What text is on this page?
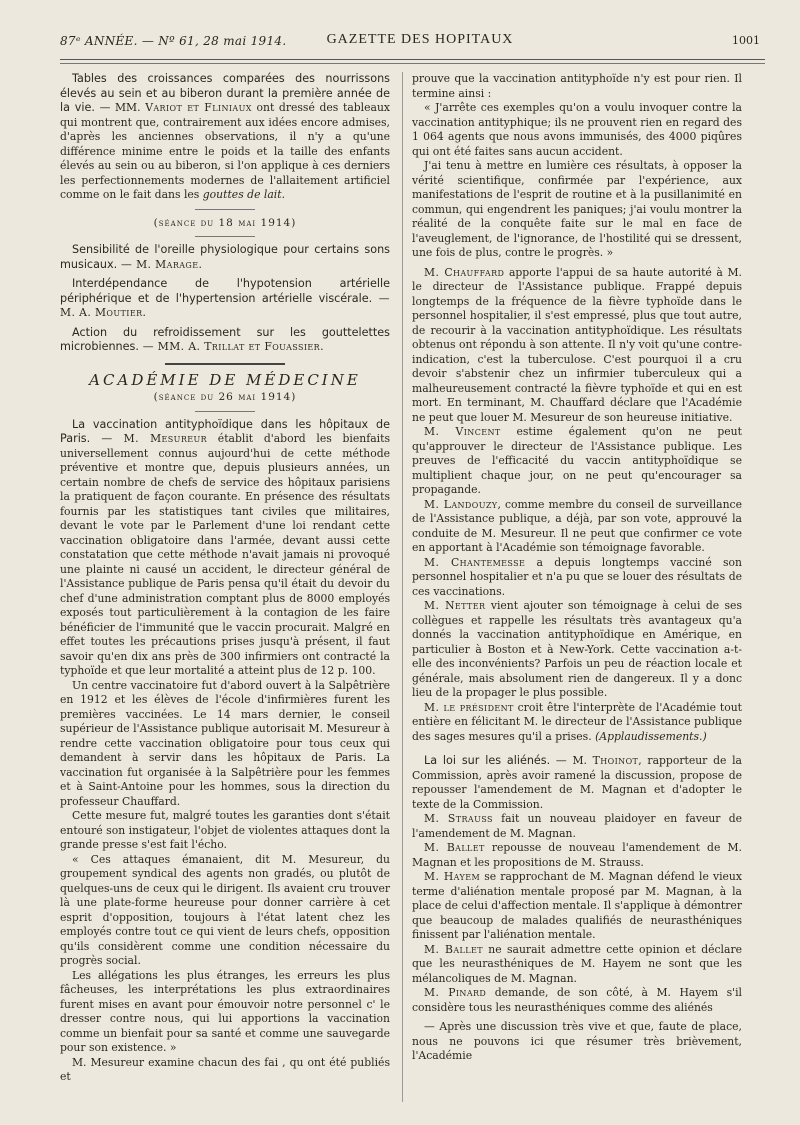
87ᵉ ANNÉE. — Nº 61, 28 mai 1914.	GAZETTE DES HOPITAUX	1001

Tables des croissances comparées des nourrissons élevés au sein et au biberon durant la première année de la vie. — MM. Variot et Fliniaux ont dressé des tableaux qui montrent que, contrairement aux idées encore admises, d'après les anciennes observations, il n'y a qu'une différence minime entre le poids et la taille des enfants élevés au sein ou au biberon, si l'on applique à ces derniers les perfectionnements modernes de l'allaitement artificiel comme on le fait dans les gouttes de lait.

(séance du 18 mai 1914)

Sensibilité de l'oreille physiologique pour certains sons musicaux. — M. Marage.

Interdépendance de l'hypotension artérielle périphérique et de l'hypertension artérielle viscérale. — M. A. Moutier.

Action du refroidissement sur les gouttelettes microbiennes. — MM. A. Trillat et Fouassier.

ACADÉMIE DE MÉDECINE

(séance du 26 mai 1914)

La vaccination antityphoïdique dans les hôpitaux de Paris. — M. Mesureur établit d'abord les bienfaits universellement connus aujourd'hui de cette méthode préventive et montre que, depuis plusieurs années, un certain nombre de chefs de service des hôpitaux parisiens la pratiquent de façon courante. En présence des résultats fournis par les statistiques tant civiles que militaires, devant le vote par le Parlement d'une loi rendant cette vaccination obligatoire dans l'armée, devant aussi cette constatation que cette méthode n'avait jamais ni provoqué une plainte ni causé un accident, le directeur général de l'Assistance publique de Paris pensa qu'il était du devoir du chef d'une administration comptant plus de 8000 employés exposés tout particulièrement à la contagion de les faire bénéficier de l'immunité que le vaccin procurait. Malgré en effet toutes les précautions prises jusqu'à présent, il faut savoir qu'en dix ans près de 300 infirmiers ont contracté la typhoïde et que leur mortalité a atteint plus de 12 p. 100.

Un centre vaccinatoire fut d'abord ouvert à la Salpêtrière en 1912 et les élèves de l'école d'infirmières furent les premières vaccinées. Le 14 mars dernier, le conseil supérieur de l'Assistance publique autorisait M. Mesureur à rendre cette vaccination obligatoire pour tous ceux qui demandent à servir dans les hôpitaux de Paris. La vaccination fut organisée à la Salpêtrière pour les femmes et à Saint-Antoine pour les hommes, sous la direction du professeur Chauffard.

Cette mesure fut, malgré toutes les garanties dont s'était entouré son instigateur, l'objet de violentes attaques dont la grande presse s'est fait l'écho.

« Ces attaques émanaient, dit M. Mesureur, du groupement syndical des agents non gradés, ou plutôt de quelques-uns de ceux qui le dirigent. Ils avaient cru trouver là une plate-forme heureuse pour donner carrière à cet esprit d'opposition, toujours à l'état latent chez les employés contre tout ce qui vient de leurs chefs, opposition qu'ils considèrent comme une condition nécessaire du progrès social.

Les allégations les plus étranges, les erreurs les plus fâcheuses, les interprétations les plus extraordinaires furent mises en avant pour émouvoir notre personnel c' le dresser contre nous, qui lui apportions la vaccination comme un bienfait pour sa santé et comme une sauvegarde pour son existence. »

M. Mesureur examine chacun des fai , qu ont été publiés et

prouve que la vaccination antityphoïde n'y est pour rien. Il termine ainsi :

« J'arrête ces exemples qu'on a voulu invoquer contre la vaccination antityphique; ils ne prouvent rien en regard des 1 064 agents que nous avons immunisés, des 4000 piqûres qui ont été faites sans aucun accident.

J'ai tenu à mettre en lumière ces résultats, à opposer la vérité scientifique, confirmée par l'expérience, aux manifestations de l'esprit de routine et à la pusillanimité en commun, qui engendrent les paniques; j'ai voulu montrer la réalité de la conquête faite sur le mal en face de l'aveuglement, de l'ignorance, de l'hostilité qui se dressent, une fois de plus, contre le progrès. »

M. Chauffard apporte l'appui de sa haute autorité à M. le directeur de l'Assistance publique. Frappé depuis longtemps de la fréquence de la fièvre typhoïde dans le personnel hospitalier, il s'est empressé, plus que tout autre, de recourir à la vaccination antityphoïdique. Les résultats obtenus ont répondu à son attente. Il n'y voit qu'une contre-indication, c'est la tuberculose. C'est pourquoi il a cru devoir s'abstenir chez un infirmier tuberculeux qui a malheureusement contracté la fièvre typhoïde et qui en est mort. En terminant, M. Chauffard déclare que l'Académie ne peut que louer M. Mesureur de son heureuse initiative.

M. Vincent estime également qu'on ne peut qu'approuver le directeur de l'Assistance publique. Les preuves de l'efficacité du vaccin antityphoïdique se multiplient chaque jour, on ne peut qu'encourager sa propagande.

M. Landouzy, comme membre du conseil de surveillance de l'Assistance publique, a déjà, par son vote, approuvé la conduite de M. Mesureur. Il ne peut que confirmer ce vote en apportant à l'Académie son témoignage favorable.

M. Chantemesse a depuis longtemps vacciné son personnel hospitalier et n'a pu que se louer des résultats de ces vaccinations.

M. Netter vient ajouter son témoignage à celui de ses collègues et rappelle les résultats très avantageux qu'a donnés la vaccination antityphoïdique en Amérique, en particulier à Boston et à New-York. Cette vaccination a-t-elle des inconvénients? Parfois un peu de réaction locale et générale, mais absolument rien de dangereux. Il y a donc lieu de la propager le plus possible.

M. le président croit être l'interprète de l'Académie tout entière en félicitant M. le directeur de l'Assistance publique des sages mesures qu'il a prises. (Applaudissements.)

La loi sur les aliénés. — M. Thoinot, rapporteur de la Commission, après avoir ramené la discussion, propose de repousser l'amendement de M. Magnan et d'adopter le texte de la Commission.

M. Strauss fait un nouveau plaidoyer en faveur de l'amendement de M. Magnan.

M. Ballet repousse de nouveau l'amendement de M. Magnan et les propositions de M. Strauss.

M. Hayem se rapprochant de M. Magnan défend le vieux terme d'aliénation mentale proposé par M. Magnan, à la place de celui d'affection mentale. Il s'applique à démontrer que beaucoup de malades qualifiés de neurasthéniques finissent par l'aliénation mentale.

M. Ballet ne saurait admettre cette opinion et déclare que les neurasthéniques de M. Hayem ne sont que les mélancoliques de M. Magnan.

M. Pinard demande, de son côté, à M. Hayem s'il considère tous les neurasthéniques comme des aliénés

— Après une discussion très vive et que, faute de place, nous ne pouvons ici que résumer très brièvement, l'Académie
